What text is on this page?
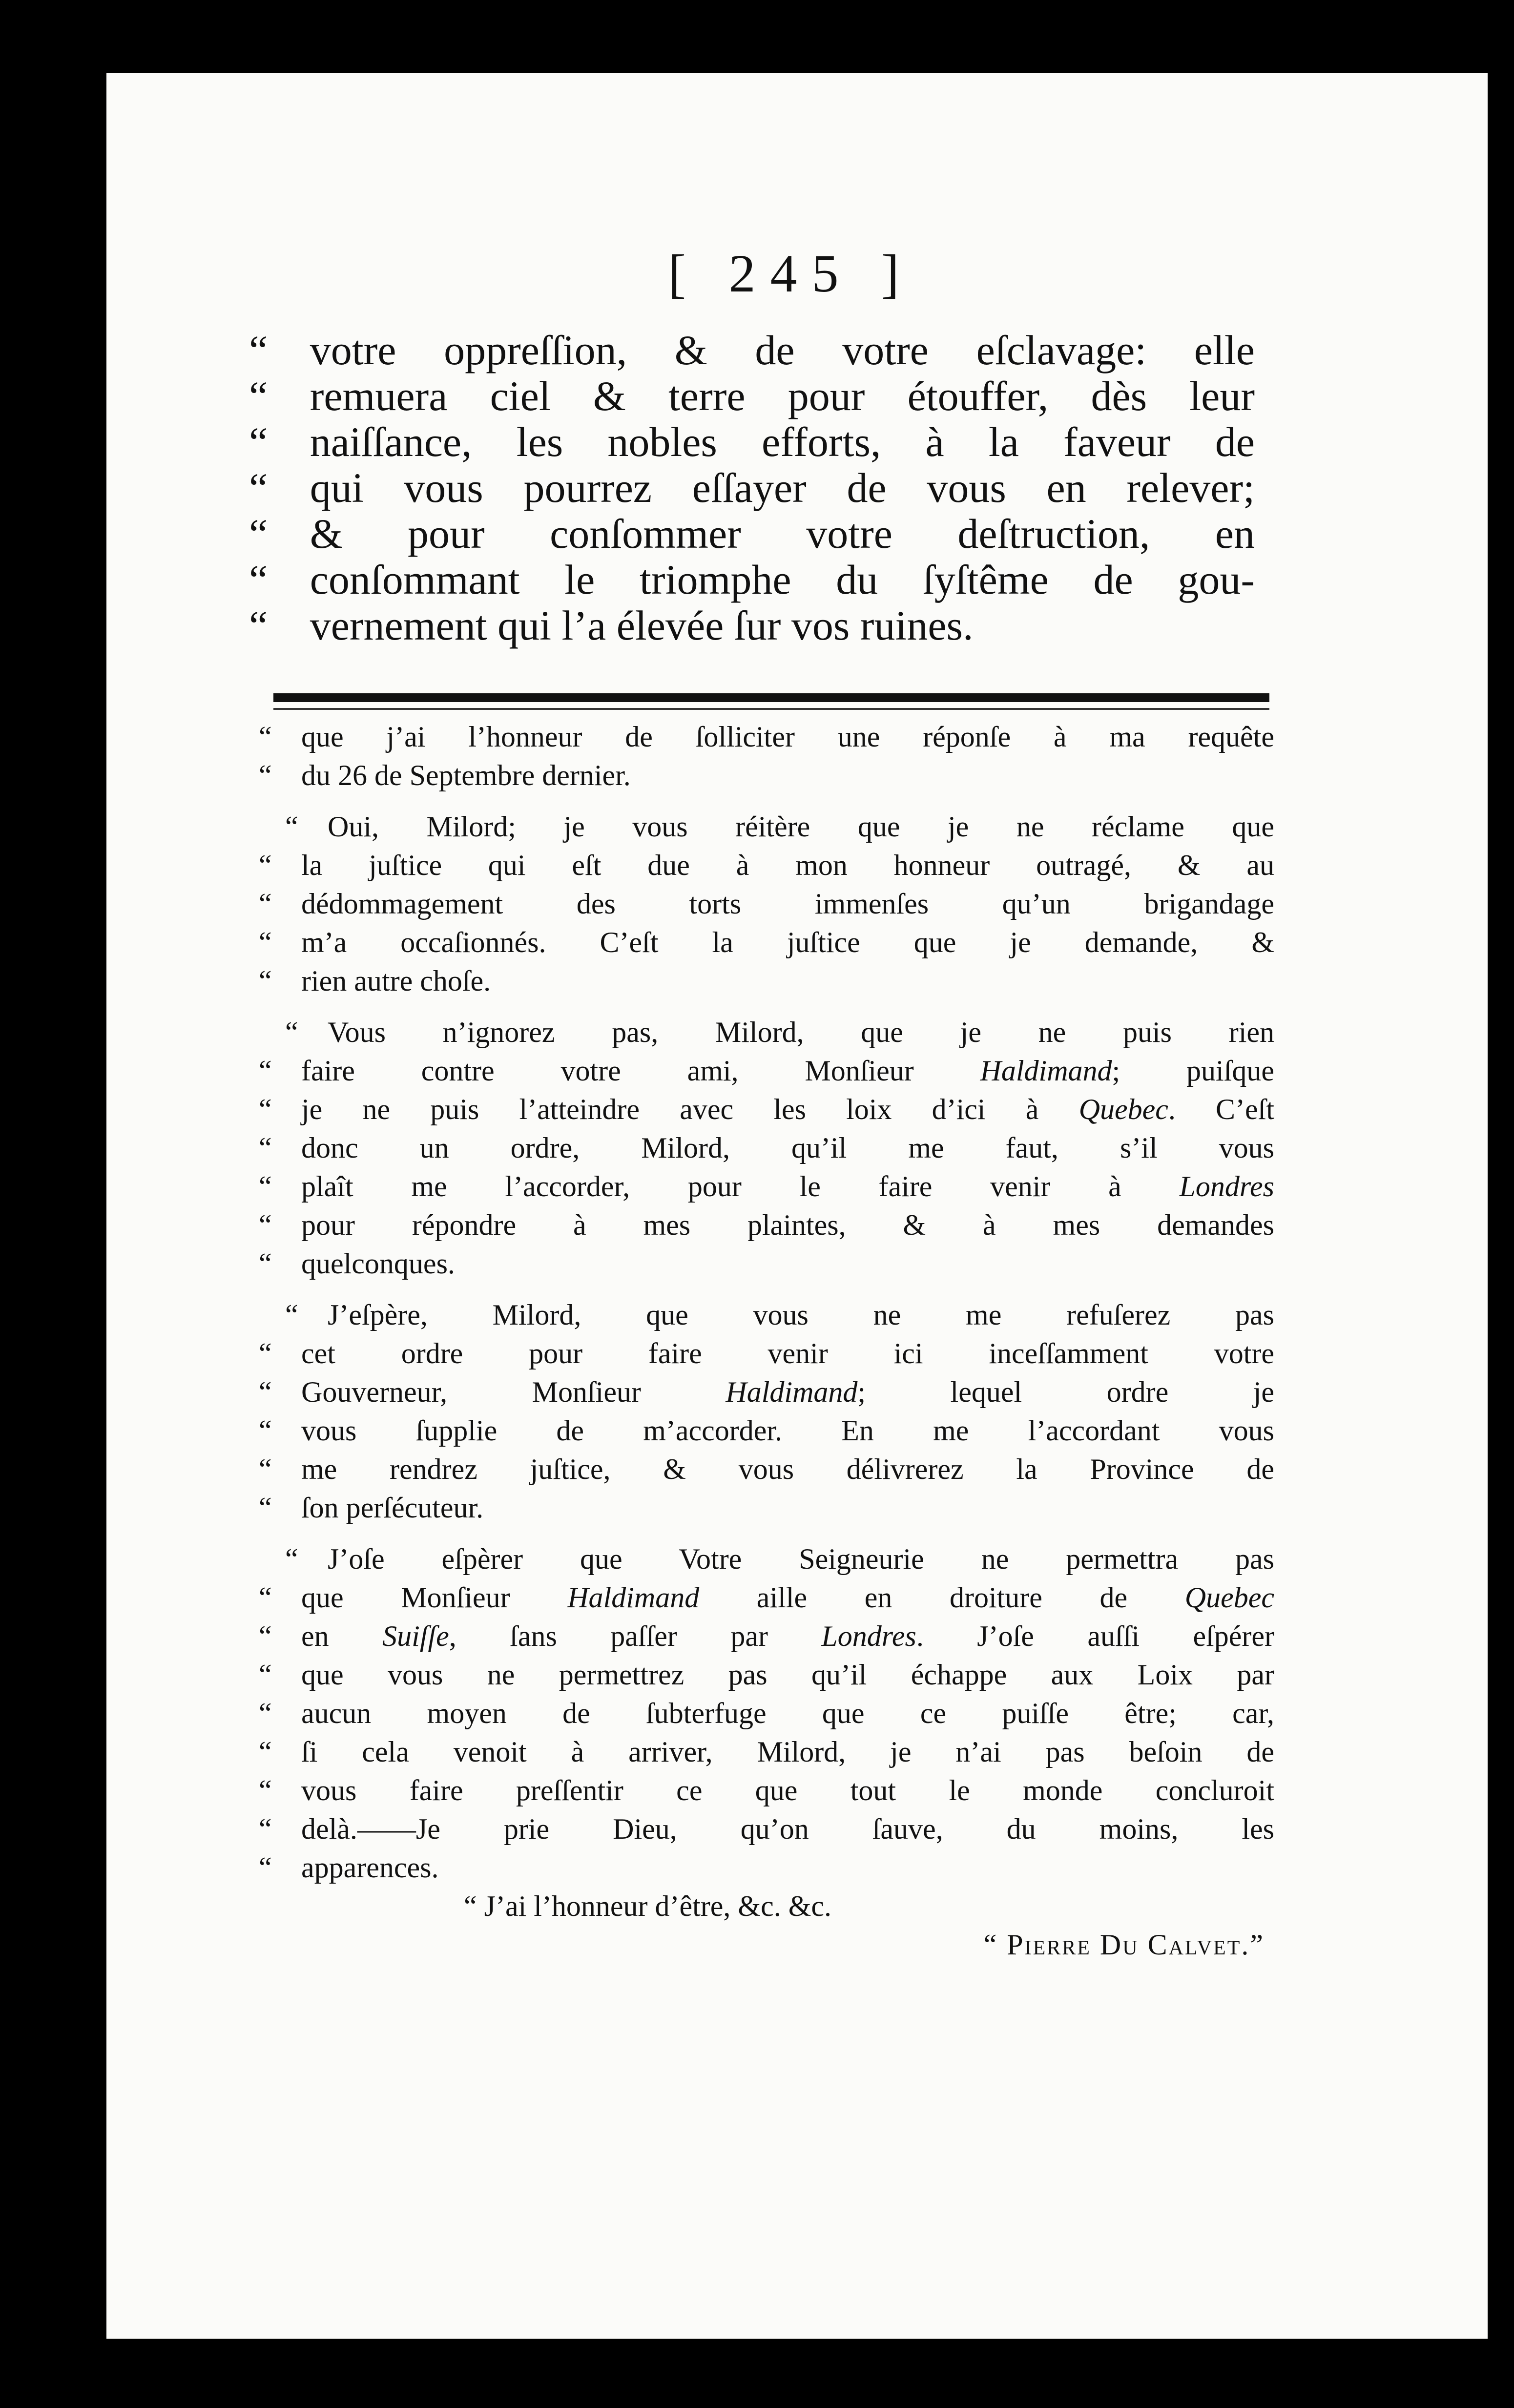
[ 245 ]
“ votre oppreſſion, & de votre eſclavage: elle
“ remuera ciel & terre pour étouffer, dès leur
“ naiſſance, les nobles efforts, à la faveur de
“ qui vous pourrez eſſayer de vous en relever;
“ & pour conſommer votre deſtruction, en
“ conſommant le triomphe du ſyſtême de gou-
“ vernement qui l’a élevée ſur vos ruines.
“ que j’ai l’honneur de ſolliciter une réponſe à ma requête
“ du 26 de Septembre dernier.
“ Oui, Milord; je vous réitère que je ne réclame que
“ la juſtice qui eſt due à mon honneur outragé, & au
“ dédommagement des torts immenſes qu’un brigandage
“ m’a occaſionnés. C’eſt la juſtice que je demande, &
“ rien autre choſe.
“ Vous n’ignorez pas, Milord, que je ne puis rien
“ faire contre votre ami, Monſieur Haldimand; puiſque
“ je ne puis l’atteindre avec les loix d’ici à Quebec. C’eſt
“ donc un ordre, Milord, qu’il me faut, s’il vous
“ plaît me l’accorder, pour le faire venir à Londres
“ pour répondre à mes plaintes, & à mes demandes
“ quelconques.
“ J’eſpère, Milord, que vous ne me refuſerez pas
“ cet ordre pour faire venir ici inceſſamment votre
“ Gouverneur, Monſieur Haldimand; lequel ordre je
“ vous ſupplie de m’accorder. En me l’accordant vous
“ me rendrez juſtice, & vous délivrerez la Province de
“ ſon perſécuteur.
“ J’oſe eſpèrer que Votre Seigneurie ne permettra pas
“ que Monſieur Haldimand aille en droiture de Quebec
“ en Suiſſe, ſans paſſer par Londres. J’oſe auſſi eſpérer
“ que vous ne permettrez pas qu’il échappe aux Loix par
“ aucun moyen de ſubterfuge que ce puiſſe être; car,
“ ſi cela venoit à arriver, Milord, je n’ai pas beſoin de
“ vous faire preſſentir ce que tout le monde concluroit
“ delà.——Je prie Dieu, qu’on ſauve, du moins, les
“ apparences.
“ J’ai l’honneur d’être, &c. &c.
“ Pierre Du Calvet.”
